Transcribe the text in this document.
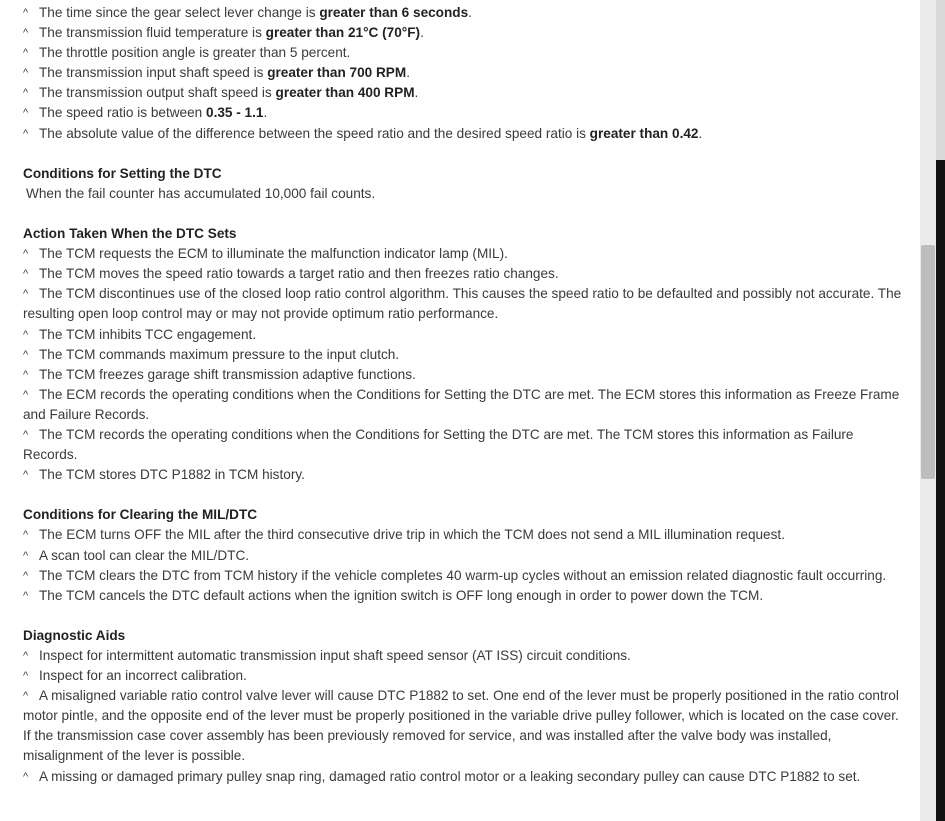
^ The time since the gear select lever change is greater than 6 seconds.

^ The transmission fluid temperature is greater than 21°C (70°F).

^ The throttle position angle is greater than 5 percent.

^ The transmission input shaft speed is greater than 700 RPM.

^ The transmission output shaft speed is greater than 400 RPM.

^ The speed ratio is between 0.35 - 1.1.

^ The absolute value of the difference between the speed ratio and the desired speed ratio is greater than 0.42.

Conditions for Setting the DTC

When the fail counter has accumulated 10,000 fail counts.

Action Taken When the DTC Sets

^ The TCM requests the ECM to illuminate the malfunction indicator lamp (MIL).

^ The TCM moves the speed ratio towards a target ratio and then freezes ratio changes.

^ The TCM discontinues use of the closed loop ratio control algorithm. This causes the speed ratio to be defaulted and possibly not accurate. The resulting open loop control may or may not provide optimum ratio performance.

^ The TCM inhibits TCC engagement.

^ The TCM commands maximum pressure to the input clutch.

^ The TCM freezes garage shift transmission adaptive functions.

^ The ECM records the operating conditions when the Conditions for Setting the DTC are met. The ECM stores this information as Freeze Frame and Failure Records.

^ The TCM records the operating conditions when the Conditions for Setting the DTC are met. The TCM stores this information as Failure Records.

^ The TCM stores DTC P1882 in TCM history.

Conditions for Clearing the MIL/DTC

^ The ECM turns OFF the MIL after the third consecutive drive trip in which the TCM does not send a MIL illumination request.

^ A scan tool can clear the MIL/DTC.

^ The TCM clears the DTC from TCM history if the vehicle completes 40 warm-up cycles without an emission related diagnostic fault occurring.

^ The TCM cancels the DTC default actions when the ignition switch is OFF long enough in order to power down the TCM.

Diagnostic Aids

^ Inspect for intermittent automatic transmission input shaft speed sensor (AT ISS) circuit conditions.

^ Inspect for an incorrect calibration.

^ A misaligned variable ratio control valve lever will cause DTC P1882 to set. One end of the lever must be properly positioned in the ratio control motor pintle, and the opposite end of the lever must be properly positioned in the variable drive pulley follower, which is located on the case cover. If the transmission case cover assembly has been previously removed for service, and was installed after the valve body was installed, misalignment of the lever is possible.

^ A missing or damaged primary pulley snap ring, damaged ratio control motor or a leaking secondary pulley can cause DTC P1882 to set.
